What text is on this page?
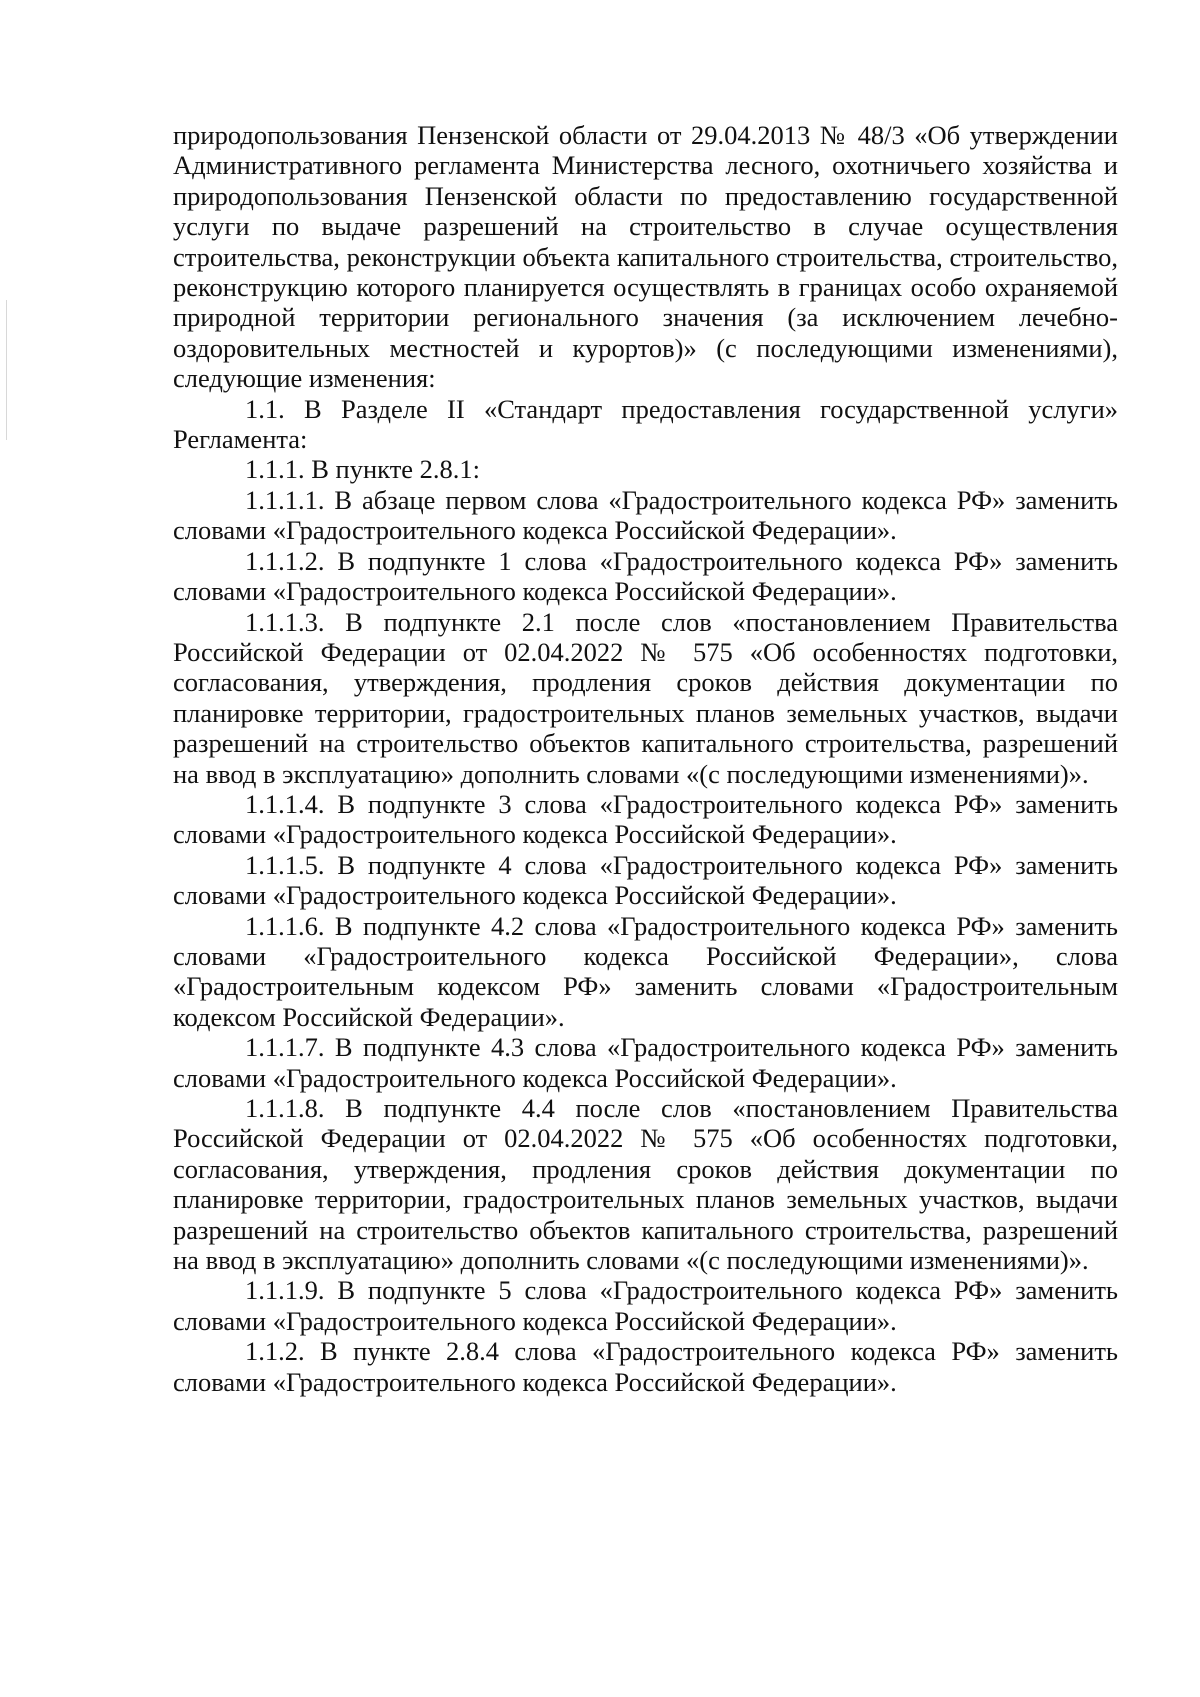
природопользования Пензенской области от 29.04.2013 № 48/3 «Об утверждении Административного регламента Министерства лесного, охотничьего хозяйства и природопользования Пензенской области по предоставлению государственной услуги по выдаче разрешений на строительство в случае осуществления строительства, реконструкции объекта капитального строительства, строительство, реконструкцию которого планируется осуществлять в границах особо охраняемой природной территории регионального значения (за исключением лечебно-оздоровительных местностей и курортов)» (с последующими изменениями), следующие изменения:

1.1. В Разделе II «Стандарт предоставления государственной услуги» Регламента:

1.1.1. В пункте 2.8.1:

1.1.1.1. В абзаце первом слова «Градостроительного кодекса РФ» заменить словами «Градостроительного кодекса Российской Федерации».

1.1.1.2. В подпункте 1 слова «Градостроительного кодекса РФ» заменить словами «Градостроительного кодекса Российской Федерации».

1.1.1.3. В подпункте 2.1 после слов «постановлением Правительства Российской Федерации от 02.04.2022 № 575 «Об особенностях подготовки, согласования, утверждения, продления сроков действия документации по планировке территории, градостроительных планов земельных участков, выдачи разрешений на строительство объектов капитального строительства, разрешений на ввод в эксплуатацию» дополнить словами «(с последующими изменениями)».

1.1.1.4. В подпункте 3 слова «Градостроительного кодекса РФ» заменить словами «Градостроительного кодекса Российской Федерации».

1.1.1.5. В подпункте 4 слова «Градостроительного кодекса РФ» заменить словами «Градостроительного кодекса Российской Федерации».

1.1.1.6. В подпункте 4.2 слова «Градостроительного кодекса РФ» заменить словами «Градостроительного кодекса Российской Федерации», слова «Градостроительным кодексом РФ» заменить словами «Градостроительным кодексом Российской Федерации».

1.1.1.7. В подпункте 4.3 слова «Градостроительного кодекса РФ» заменить словами «Градостроительного кодекса Российской Федерации».

1.1.1.8. В подпункте 4.4 после слов «постановлением Правительства Российской Федерации от 02.04.2022 № 575 «Об особенностях подготовки, согласования, утверждения, продления сроков действия документации по планировке территории, градостроительных планов земельных участков, выдачи разрешений на строительство объектов капитального строительства, разрешений на ввод в эксплуатацию» дополнить словами «(с последующими изменениями)».

1.1.1.9. В подпункте 5 слова «Градостроительного кодекса РФ» заменить словами «Градостроительного кодекса Российской Федерации».

1.1.2. В пункте 2.8.4 слова «Градостроительного кодекса РФ» заменить словами «Градостроительного кодекса Российской Федерации».
